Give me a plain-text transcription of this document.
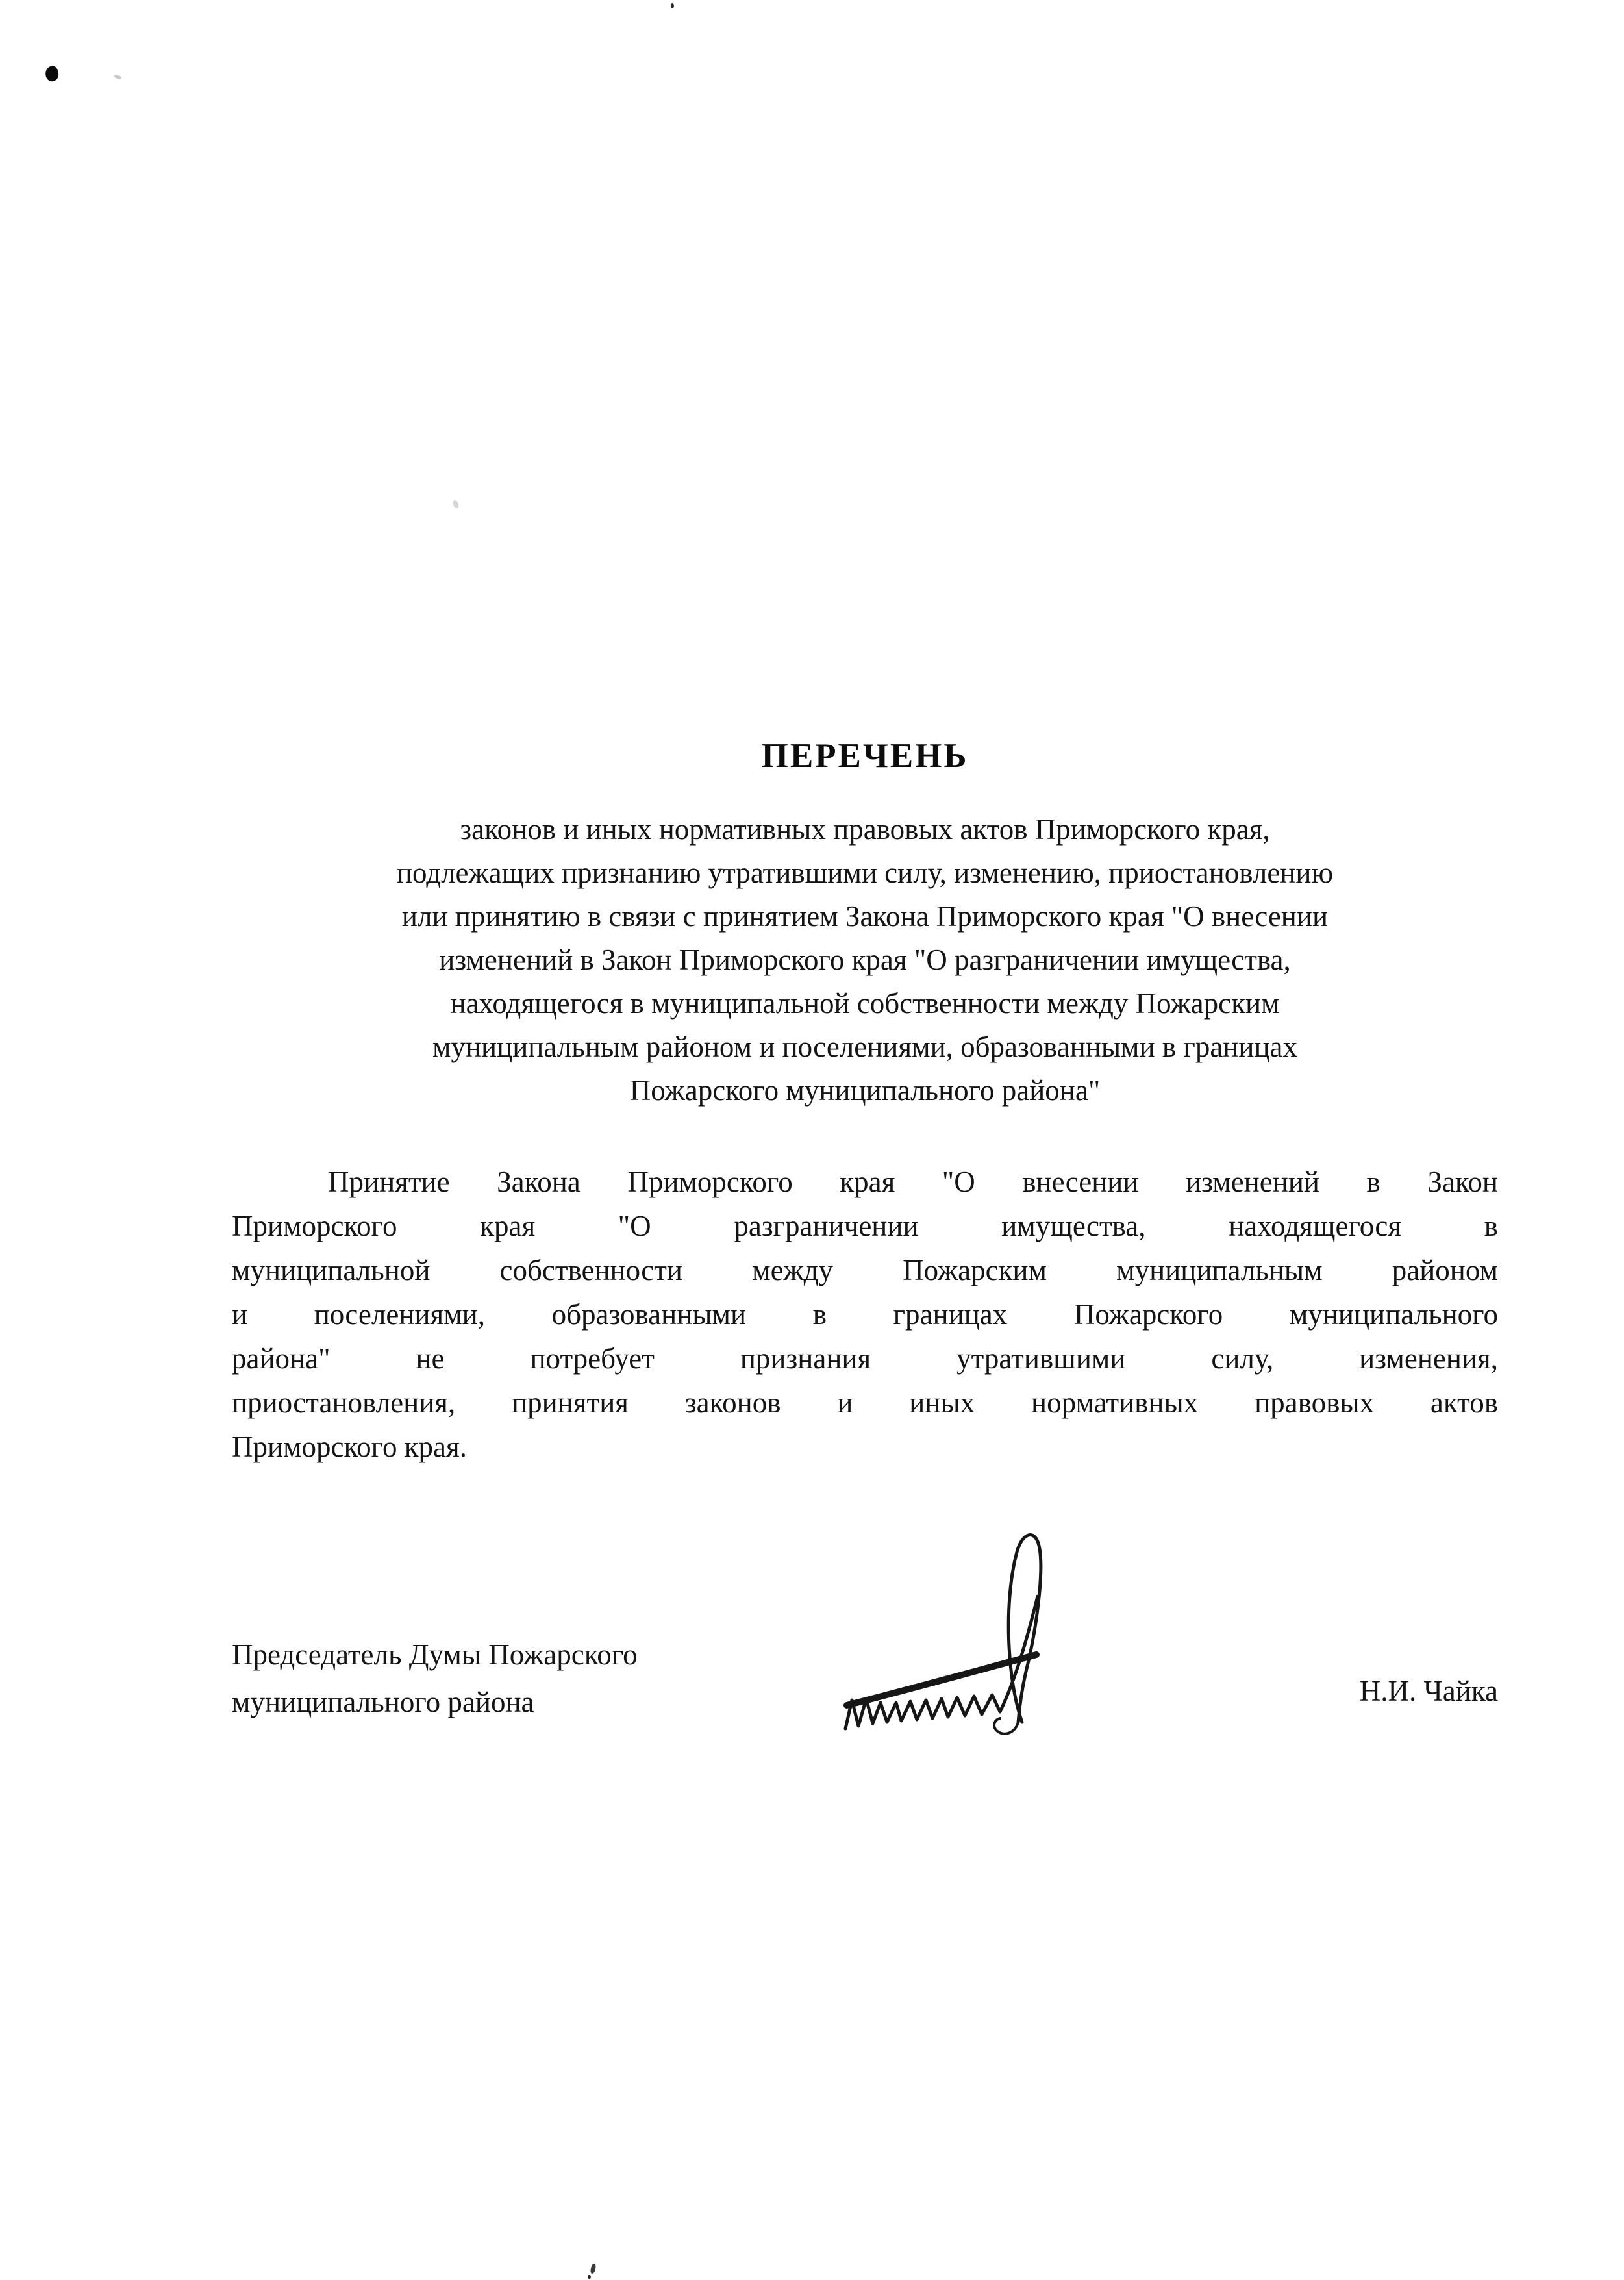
ПЕРЕЧЕНЬ
законов и иных нормативных правовых актов Приморского края,
подлежащих признанию утратившими силу, изменению, приостановлению
или принятию в связи с принятием Закона Приморского края "О внесении
изменений в Закон Приморского края "О разграничении имущества,
находящегося в муниципальной собственности между Пожарским
муниципальным районом и поселениями, образованными в границах
Пожарского муниципального района"
Принятие Закона Приморского края "О внесении изменений в Закон
Приморского края "О разграничении имущества, находящегося в
муниципальной собственности между Пожарским муниципальным районом
и поселениями, образованными в границах Пожарского муниципального
района" не потребует признания утратившими силу, изменения,
приостановления, принятия законов и иных нормативных правовых актов
Приморского края.
Председатель Думы Пожарского
муниципального района	Н.И. Чайка
